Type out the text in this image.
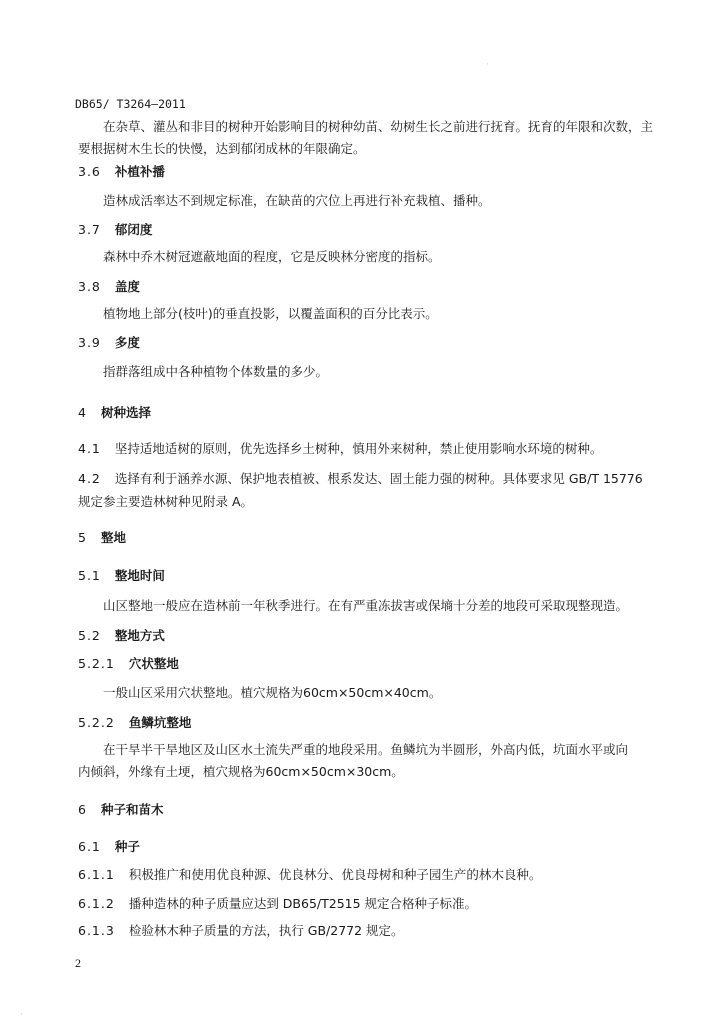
DB65/ T3264—2011
在杂草、灌丛和非目的树种开始影响目的树种幼苗、幼树生长之前进行抚育。抚育的年限和次数，主要根据树木生长的快慢，达到郁闭成林的年限确定。
3.6 补植补播
造林成活率达不到规定标准，在缺苗的穴位上再进行补充栽植、播种。
3.7 郁闭度
森林中乔木树冠遮蔽地面的程度，它是反映林分密度的指标。
3.8 盖度
植物地上部分(枝叶)的垂直投影，以覆盖面积的百分比表示。
3.9 多度
指群落组成中各种植物个体数量的多少。
4 树种选择
4.1 坚持适地适树的原则，优先选择乡土树种，慎用外来树种，禁止使用影响水环境的树种。
4.2 选择有利于涵养水源、保护地表植被、根系发达、固土能力强的树种。具体要求见 GB/T 15776
规定参主要造林树种见附录 A。
5 整地
5.1 整地时间
山区整地一般应在造林前一年秋季进行。在有严重冻拔害或保墒十分差的地段可采取现整现造。
5.2 整地方式
5.2.1 穴状整地
一般山区采用穴状整地。植穴规格为60cm×50cm×40cm。
5.2.2 鱼鳞坑整地
在干旱半干旱地区及山区水土流失严重的地段采用。鱼鳞坑为半圆形，外高内低，坑面水平或向
内倾斜，外缘有土埂，植穴规格为60cm×50cm×30cm。
6 种子和苗木
6.1 种子
6.1.1 积极推广和使用优良种源、优良林分、优良母树和种子园生产的林木良种。
6.1.2 播种造林的种子质量应达到 DB65/T2515 规定合格种子标准。
6.1.3 检验林木种子质量的方法，执行 GB/2772 规定。
2
·
·
